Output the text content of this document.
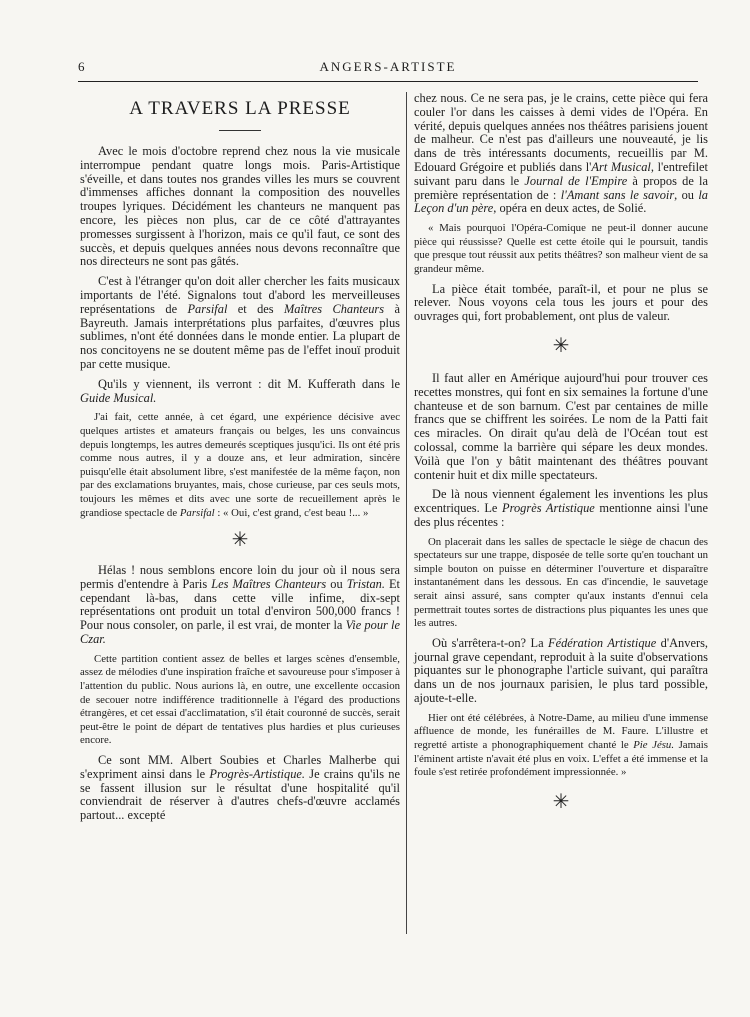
6	ANGERS-ARTISTE
A TRAVERS LA PRESSE

Avec le mois d'octobre reprend chez nous la vie musicale interrompue pendant quatre longs mois. Paris-Artistique s'éveille, et dans toutes nos grandes villes les murs se couvrent d'immenses affiches donnant la composition des nouvelles troupes lyriques. Décidément les chanteurs ne manquent pas encore, les pièces non plus, car de ce côté d'attrayantes promesses surgissent à l'horizon, mais ce qu'il faut, ce sont des succès, et depuis quelques années nous devons reconnaître que nos directeurs ne sont pas gâtés.

C'est à l'étranger qu'on doit aller chercher les faits musicaux importants de l'été. Signalons tout d'abord les merveilleuses représentations de Parsifal et des Maîtres Chanteurs à Bayreuth. Jamais interprétations plus parfaites, d'œuvres plus sublimes, n'ont été données dans le monde entier. La plupart de nos concitoyens ne se doutent même pas de l'effet inouï produit par cette musique.

Qu'ils y viennent, ils verront : dit M. Kufferath dans le Guide Musical.

J'ai fait, cette année, à cet égard, une expérience décisive avec quelques artistes et amateurs français ou belges, les uns convaincus depuis longtemps, les autres demeurés sceptiques jusqu'ici. Ils ont été pris comme nous autres, il y a douze ans, et leur admiration, sincère puisqu'elle était absolument libre, s'est manifestée de la même façon, non par des exclamations bruyantes, mais, chose curieuse, par ces seuls mots, toujours les mêmes et dits avec une sorte de recueillement après le grandiose spectacle de Parsifal : « Oui, c'est grand, c'est beau !... »

✳

Hélas ! nous semblons encore loin du jour où il nous sera permis d'entendre à Paris Les Maîtres Chanteurs ou Tristan. Et cependant là-bas, dans cette ville infime, dix-sept représentations ont produit un total d'environ 500,000 francs ! Pour nous consoler, on parle, il est vrai, de monter la Vie pour le Czar.

Cette partition contient assez de belles et larges scènes d'ensemble, assez de mélodies d'une inspiration fraîche et savoureuse pour s'imposer à l'attention du public. Nous aurions là, en outre, une excellente occasion de secouer notre indifférence traditionnelle à l'égard des productions étrangères, et cet essai d'acclimatation, s'il était couronné de succès, serait peut-être le point de départ de tentatives plus hardies et plus curieuses encore.

Ce sont MM. Albert Soubies et Charles Malherbe qui s'expriment ainsi dans le Progrès-Artistique. Je crains qu'ils ne se fassent illusion sur le résultat d'une hospitalité qu'il conviendrait de réserver à d'autres chefs-d'œuvre acclamés partout... excepté

chez nous. Ce ne sera pas, je le crains, cette pièce qui fera couler l'or dans les caisses à demi vides de l'Opéra. En vérité, depuis quelques années nos théâtres parisiens jouent de malheur. Ce n'est pas d'ailleurs une nouveauté, je lis dans de très intéressants documents, recueillis par M. Edouard Grégoire et publiés dans l'Art Musical, l'entrefilet suivant paru dans le Journal de l'Empire à propos de la première représentation de : l'Amant sans le savoir, ou la Leçon d'un père, opéra en deux actes, de Solié.

« Mais pourquoi l'Opéra-Comique ne peut-il donner aucune pièce qui réussisse? Quelle est cette étoile qui le poursuit, tandis que presque tout réussit aux petits théâtres? son malheur vient de sa grandeur même.

La pièce était tombée, paraît-il, et pour ne plus se relever. Nous voyons cela tous les jours et pour des ouvrages qui, fort probablement, ont plus de valeur.

✳

Il faut aller en Amérique aujourd'hui pour trouver ces recettes monstres, qui font en six semaines la fortune d'une chanteuse et de son barnum. C'est par centaines de mille francs que se chiffrent les soirées. Le nom de la Patti fait ces miracles. On dirait qu'au delà de l'Océan tout est colossal, comme la barrière qui sépare les deux mondes. Voilà que l'on y bâtit maintenant des théâtres pouvant contenir huit et dix mille spectateurs.

De là nous viennent également les inventions les plus excentriques. Le Progrès Artistique mentionne ainsi l'une des plus récentes :

On placerait dans les salles de spectacle le siège de chacun des spectateurs sur une trappe, disposée de telle sorte qu'en touchant un simple bouton on puisse en déterminer l'ouverture et disparaître instantanément dans les dessous. En cas d'incendie, le sauvetage serait ainsi assuré, sans compter qu'aux instants d'ennui cela permettrait toutes sortes de distractions plus piquantes les unes que les autres.

Où s'arrêtera-t-on? La Fédération Artistique d'Anvers, journal grave cependant, reproduit à la suite d'observations piquantes sur le phonographe l'article suivant, qui paraîtra dans un de nos journaux parisien, le plus tard possible, ajoute-t-elle.

Hier ont été célébrées, à Notre-Dame, au milieu d'une immense affluence de monde, les funérailles de M. Faure. L'illustre et regretté artiste a phonographiquement chanté le Pie Jésu. Jamais l'éminent artiste n'avait été plus en voix. L'effet a été immense et la foule s'est retirée profondément impressionnée. »

✳
